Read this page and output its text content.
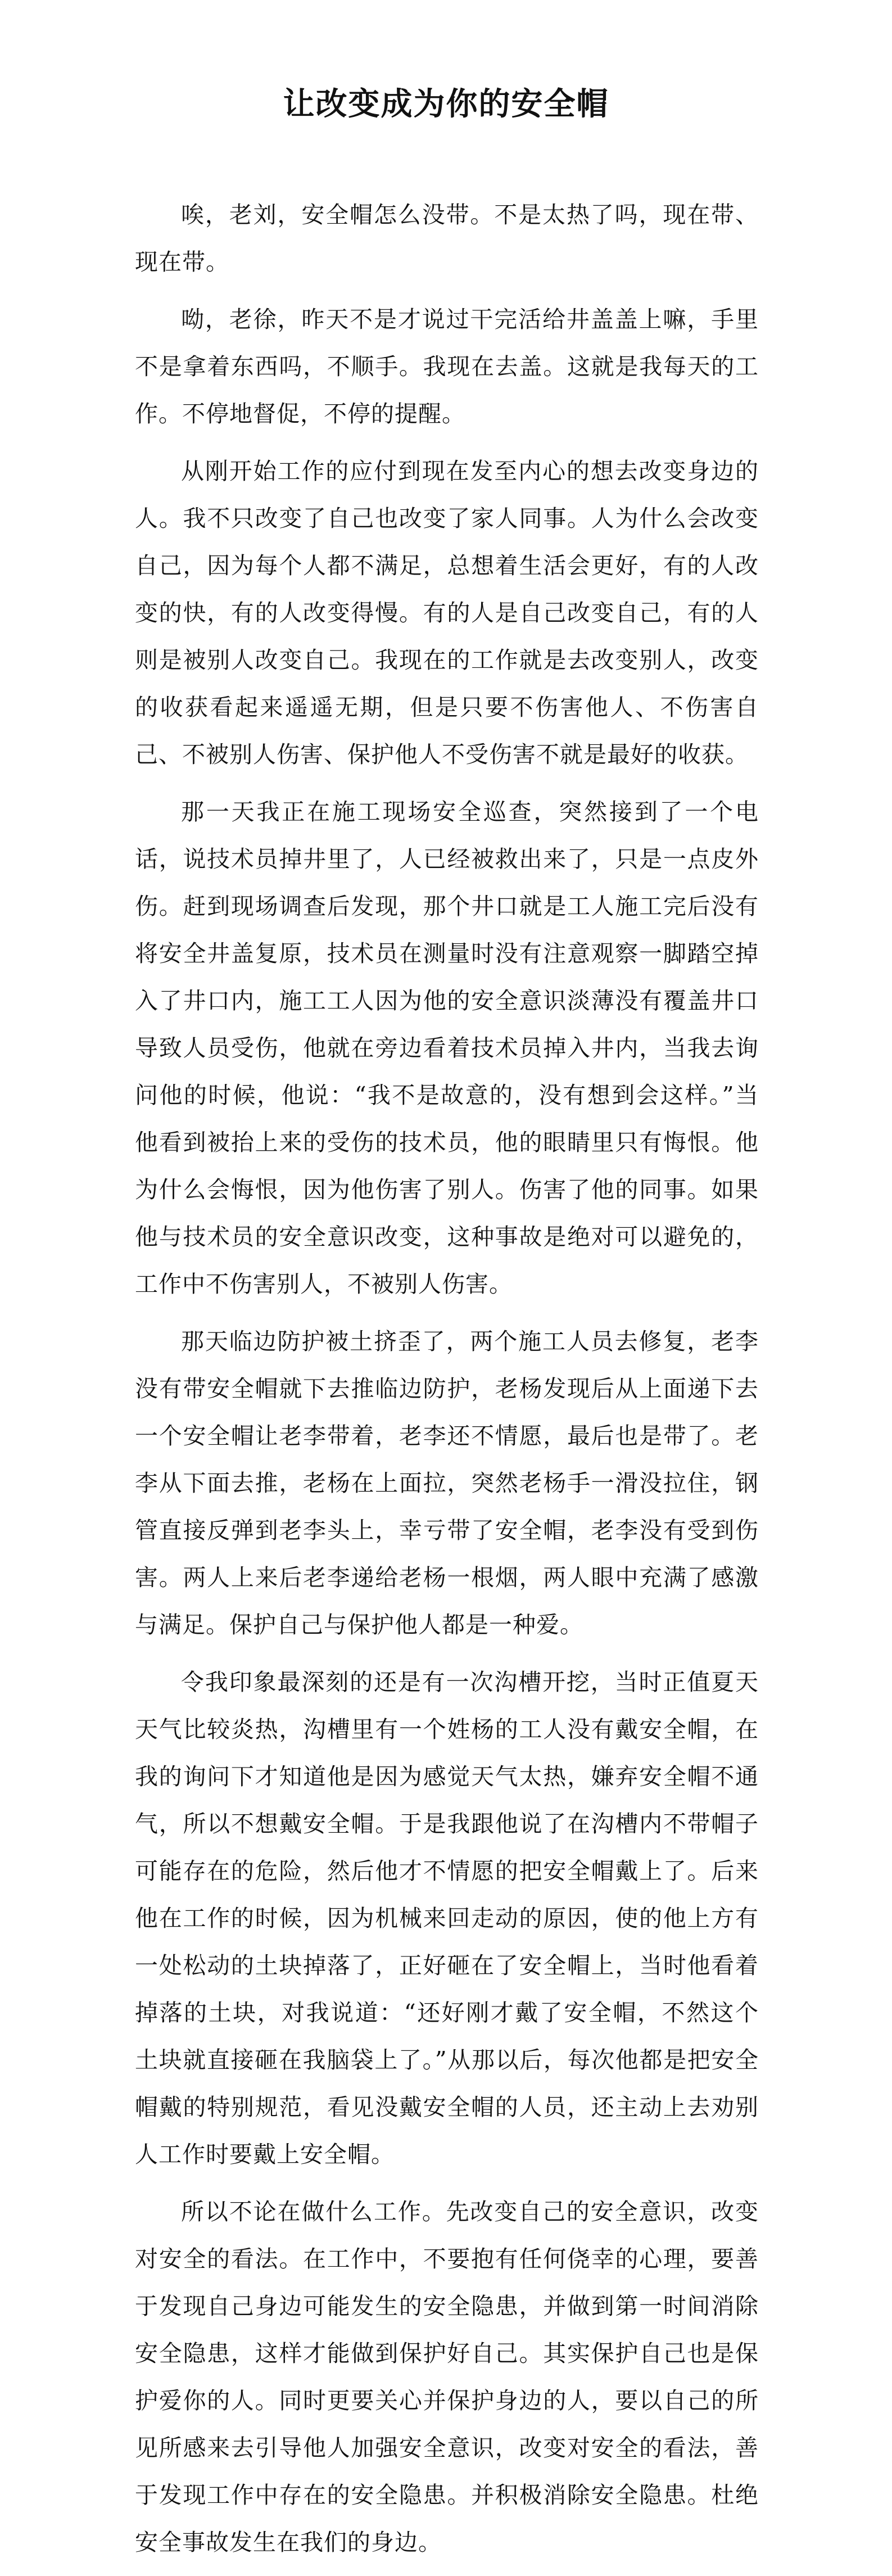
让改变成为你的安全帽

唉，老刘，安全帽怎么没带。不是太热了吗，现在带、现在带。

呦，老徐，昨天不是才说过干完活给井盖盖上嘛，手里不是拿着东西吗，不顺手。我现在去盖。这就是我每天的工作。不停地督促，不停的提醒。

从刚开始工作的应付到现在发至内心的想去改变身边的人。我不只改变了自己也改变了家人同事。人为什么会改变自己，因为每个人都不满足，总想着生活会更好，有的人改变的快，有的人改变得慢。有的人是自己改变自己，有的人则是被别人改变自己。我现在的工作就是去改变别人，改变的收获看起来遥遥无期，但是只要不伤害他人、不伤害自己、不被别人伤害、保护他人不受伤害不就是最好的收获。

那一天我正在施工现场安全巡查，突然接到了一个电话，说技术员掉井里了，人已经被救出来了，只是一点皮外伤。赶到现场调查后发现，那个井口就是工人施工完后没有将安全井盖复原，技术员在测量时没有注意观察一脚踏空掉入了井口内，施工工人因为他的安全意识淡薄没有覆盖井口导致人员受伤，他就在旁边看着技术员掉入井内，当我去询问他的时候，他说：“我不是故意的，没有想到会这样。”当他看到被抬上来的受伤的技术员，他的眼睛里只有悔恨。他为什么会悔恨，因为他伤害了别人。伤害了他的同事。如果他与技术员的安全意识改变，这种事故是绝对可以避免的，工作中不伤害别人，不被别人伤害。

那天临边防护被土挤歪了，两个施工人员去修复，老李没有带安全帽就下去推临边防护，老杨发现后从上面递下去一个安全帽让老李带着，老李还不情愿，最后也是带了。老李从下面去推，老杨在上面拉，突然老杨手一滑没拉住，钢管直接反弹到老李头上，幸亏带了安全帽，老李没有受到伤害。两人上来后老李递给老杨一根烟，两人眼中充满了感激与满足。保护自己与保护他人都是一种爱。

令我印象最深刻的还是有一次沟槽开挖，当时正值夏天天气比较炎热，沟槽里有一个姓杨的工人没有戴安全帽，在我的询问下才知道他是因为感觉天气太热，嫌弃安全帽不通气，所以不想戴安全帽。于是我跟他说了在沟槽内不带帽子可能存在的危险，然后他才不情愿的把安全帽戴上了。后来他在工作的时候，因为机械来回走动的原因，使的他上方有一处松动的土块掉落了，正好砸在了安全帽上，当时他看着掉落的土块，对我说道：“还好刚才戴了安全帽，不然这个土块就直接砸在我脑袋上了。”从那以后，每次他都是把安全帽戴的特别规范，看见没戴安全帽的人员，还主动上去劝别人工作时要戴上安全帽。

所以不论在做什么工作。先改变自己的安全意识，改变对安全的看法。在工作中，不要抱有任何侥幸的心理，要善于发现自己身边可能发生的安全隐患，并做到第一时间消除安全隐患，这样才能做到保护好自己。其实保护自己也是保护爱你的人。同时更要关心并保护身边的人，要以自己的所见所感来去引导他人加强安全意识，改变对安全的看法，善于发现工作中存在的安全隐患。并积极消除安全隐患。杜绝安全事故发生在我们的身边。
